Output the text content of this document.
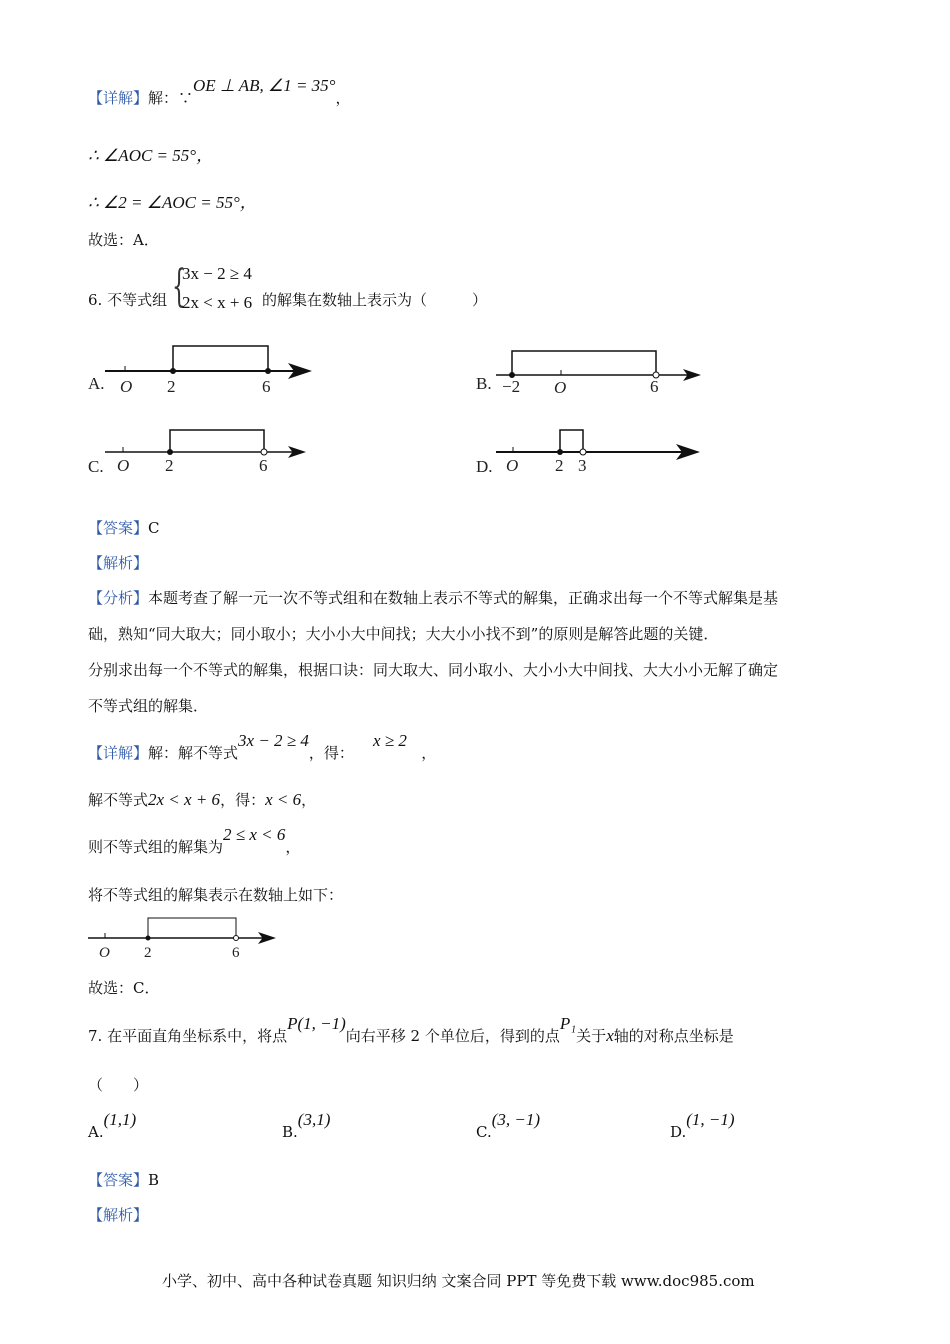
【详解】解：∵OE ⊥ AB, ∠1 = 35°，
∴ ∠AOC = 55°，
∴ ∠2 = ∠AOC = 55°，
故选：A．
6. 不等式组 {
3x − 2 ≥ 4
2x < x + 6 的解集在数轴上表示为（　　　）
A. O 2	6	B.	O
−2	6
C. O 2	6	D. O 2 3
O 2	6
【答案】C
【解析】
【分析】本题考查了解一元一次不等式组和在数轴上表示不等式的解集，正确求出每一个不等式解集是基
础，熟知“同大取大；同小取小；大小小大中间找；大大小小找不到”的原则是解答此题的关键．
分别求出每一个不等式的解集，根据口诀：同大取大、同小取小、大小小大中间找、大大小小无解了确定
不等式组的解集．
【详解】解：解不等式3x − 2 ≥ 4，得：    x ≥ 2   ，
解不等式2x < x + 6，得：x < 6，
则不等式组的解集为2 ≤ x < 6，
将不等式组的解集表示在数轴上如下：
故选：C．
7. 在平面直角坐标系中，将点P(1, −1)向右平移 2 个单位后，得到的点P₁关于x轴的对称点坐标是
（　　）
A.(1,1)
B.(3,1)
C.(3, −1)
D.(1, −1)
【答案】B
【解析】
小学、初中、高中各种试卷真题 知识归纳 文案合同 PPT 等免费下载 www.doc985.com
